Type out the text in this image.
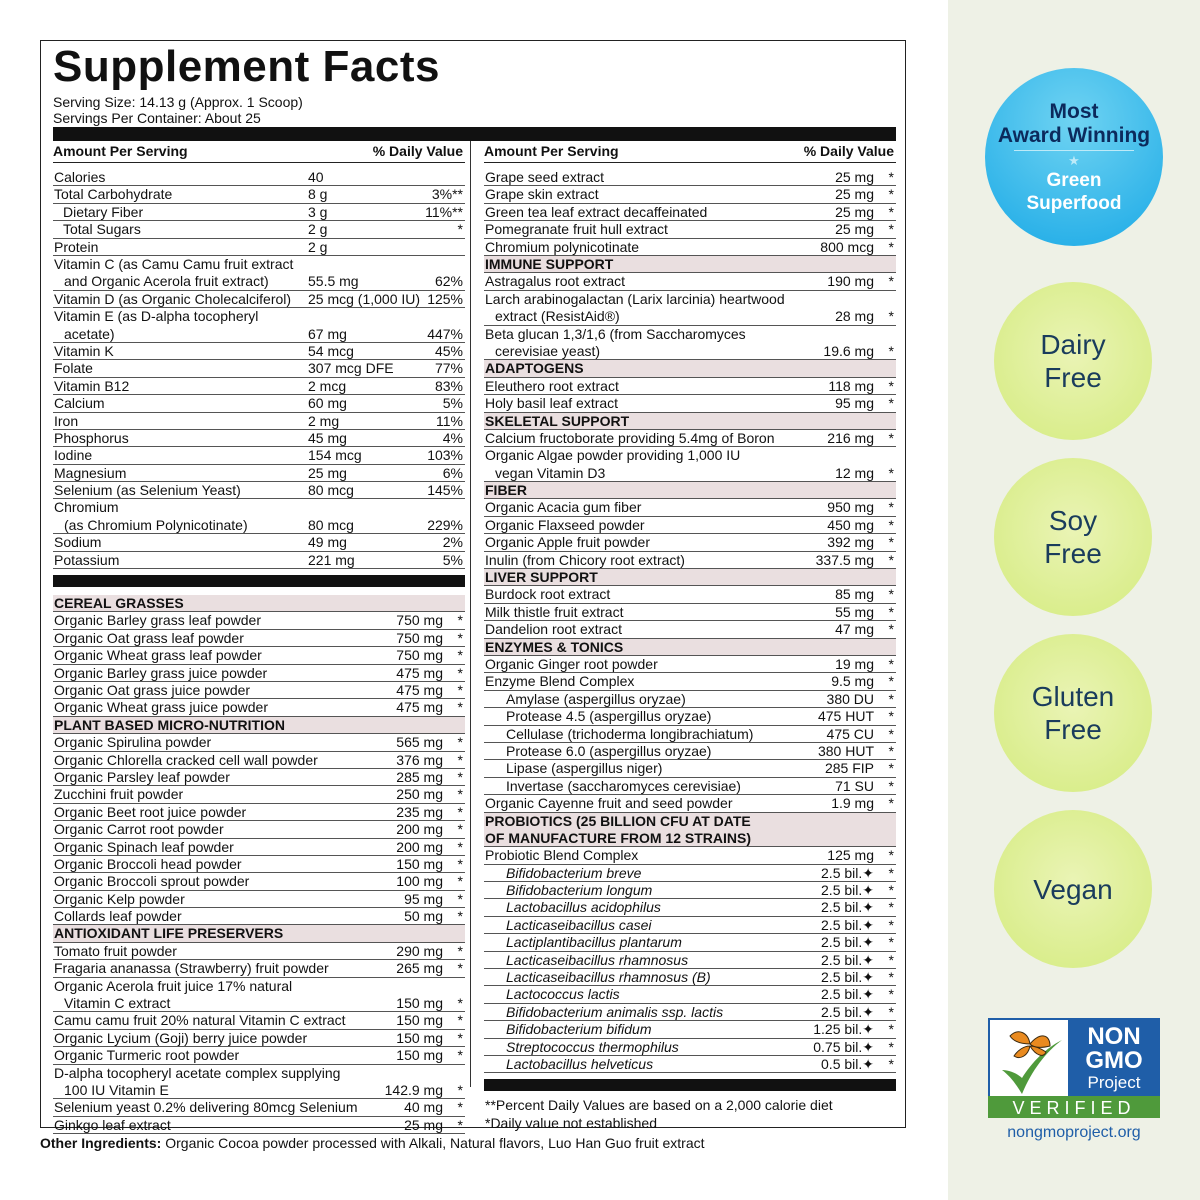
Supplement Facts
Serving Size: 14.13 g (Approx. 1 Scoop)
Servings Per Container: About 25
Amount Per Serving	% Daily Value
Calories	40
Total Carbohydrate	8 g	3%**
Dietary Fiber	3 g	11%**
Total Sugars	2 g	*
Protein	2 g
Vitamin C (as Camu Camu fruit extract
and Organic Acerola fruit extract)	55.5 mg	62%
Vitamin D (as Organic Cholecalciferol) 25 mcg (1,000 IU) 125%
Vitamin E (as D-alpha tocopheryl
acetate)	67 mg	447%
Vitamin K	54 mcg	45%
Folate	307 mcg DFE	77%
Vitamin B12	2 mcg	83%
Calcium	60 mg	5%
Iron	2 mg	11%
Phosphorus	45 mg	4%
Iodine	154 mcg	103%
Magnesium	25 mg	6%
Selenium (as Selenium Yeast)	80 mcg	145%
Chromium
(as Chromium Polynicotinate)	80 mcg	229%
Sodium	49 mg	2%
Potassium	221 mg	5%
CEREAL GRASSES
Organic Barley grass leaf powder	750 mg *
Organic Oat grass leaf powder	750 mg *
Organic Wheat grass leaf powder	750 mg *
Organic Barley grass juice powder	475 mg *
Organic Oat grass juice powder	475 mg *
Organic Wheat grass juice powder	475 mg *
PLANT BASED MICRO-NUTRITION
Organic Spirulina powder	565 mg *
Organic Chlorella cracked cell wall powder	376 mg *
Organic Parsley leaf powder	285 mg *
Zucchini fruit powder	250 mg *
Organic Beet root juice powder	235 mg *
Organic Carrot root powder	200 mg *
Organic Spinach leaf powder	200 mg *
Organic Broccoli head powder	150 mg *
Organic Broccoli sprout powder	100 mg *
Organic Kelp powder	95 mg *
Collards leaf powder	50 mg *
ANTIOXIDANT LIFE PRESERVERS
Tomato fruit powder	290 mg *
Fragaria ananassa (Strawberry) fruit powder	265 mg *
Organic Acerola fruit juice 17% natural
Vitamin C extract	150 mg *
Camu camu fruit 20% natural Vitamin C extract	150 mg *
Organic Lycium (Goji) berry juice powder	150 mg *
Organic Turmeric root powder	150 mg *
D-alpha tocopheryl acetate complex supplying
100 IU Vitamin E	142.9 mg *
Selenium yeast 0.2% delivering 80mcg Selenium	40 mg *
Ginkgo leaf extract	25 mg *
Amount Per Serving	% Daily Value
Grape seed extract	25 mg *
Grape skin extract	25 mg *
Green tea leaf extract decaffeinated	25 mg *
Pomegranate fruit hull extract	25 mg *
Chromium polynicotinate	800 mcg *
IMMUNE SUPPORT
Astragalus root extract	190 mg *
Larch arabinogalactan (Larix larcinia) heartwood
extract (ResistAid®)	28 mg *
Beta glucan 1,3/1,6 (from Saccharomyces
cerevisiae yeast)	19.6 mg *
ADAPTOGENS
Eleuthero root extract	118 mg *
Holy basil leaf extract	95 mg *
SKELETAL SUPPORT
Calcium fructoborate providing 5.4mg of Boron	216 mg *
Organic Algae powder providing 1,000 IU
vegan Vitamin D3	12 mg *
FIBER
Organic Acacia gum fiber	950 mg *
Organic Flaxseed powder	450 mg *
Organic Apple fruit powder	392 mg *
Inulin (from Chicory root extract)	337.5 mg *
LIVER SUPPORT
Burdock root extract	85 mg *
Milk thistle fruit extract	55 mg *
Dandelion root extract	47 mg *
ENZYMES & TONICS
Organic Ginger root powder	19 mg *
Enzyme Blend Complex	9.5 mg *
Amylase (aspergillus oryzae)	380 DU *
Protease 4.5 (aspergillus oryzae)	475 HUT *
Cellulase (trichoderma longibrachiatum)	475 CU *
Protease 6.0 (aspergillus oryzae)	380 HUT *
Lipase (aspergillus niger)	285 FIP *
Invertase (saccharomyces cerevisiae)	71 SU *
Organic Cayenne fruit and seed powder	1.9 mg *
PROBIOTICS (25 BILLION CFU AT DATE
OF MANUFACTURE FROM 12 STRAINS)
Probiotic Blend Complex	125 mg *
Bifidobacterium breve	2.5 bil.✦ *
Bifidobacterium longum	2.5 bil.✦ *
Lactobacillus acidophilus	2.5 bil.✦ *
Lacticaseibacillus casei	2.5 bil.✦ *
Lactiplantibacillus plantarum	2.5 bil.✦ *
Lacticaseibacillus rhamnosus	2.5 bil.✦ *
Lacticaseibacillus rhamnosus (B)	2.5 bil.✦ *
Lactococcus lactis	2.5 bil.✦ *
Bifidobacterium animalis ssp. lactis	2.5 bil.✦ *
Bifidobacterium bifidum	1.25 bil.✦ *
Streptococcus thermophilus	0.75 bil.✦ *
Lactobacillus helveticus	0.5 bil.✦ *
**Percent Daily Values are based on a 2,000 calorie diet
*Daily value not established
Other Ingredients: Organic Cocoa powder processed with Alkali, Natural flavors, Luo Han Guo fruit extract
Most
Award Winning
★
Green
Superfood
Dairy
Free
Soy
Free
Gluten
Free
Vegan
NON
GMO
Project
VERIFIED
nongmoproject.org
